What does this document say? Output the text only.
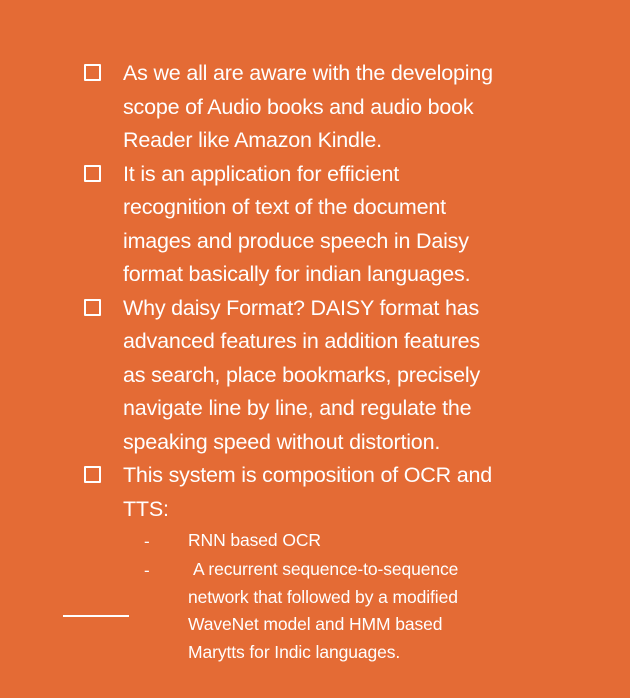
As we all are aware with the developing
scope of Audio books and audio book
Reader like Amazon Kindle.
It is an application for efficient
recognition of text of the document
images and produce speech in Daisy
format basically for indian languages.
Why daisy Format? DAISY format has
advanced features in addition features
as search, place bookmarks, precisely
navigate line by line, and regulate the
speaking speed without distortion.
This system is composition of OCR and
TTS:
-	RNN based OCR
-	A recurrent sequence-to-sequence
network that followed by a modified
WaveNet model and HMM based
Marytts for Indic languages.
